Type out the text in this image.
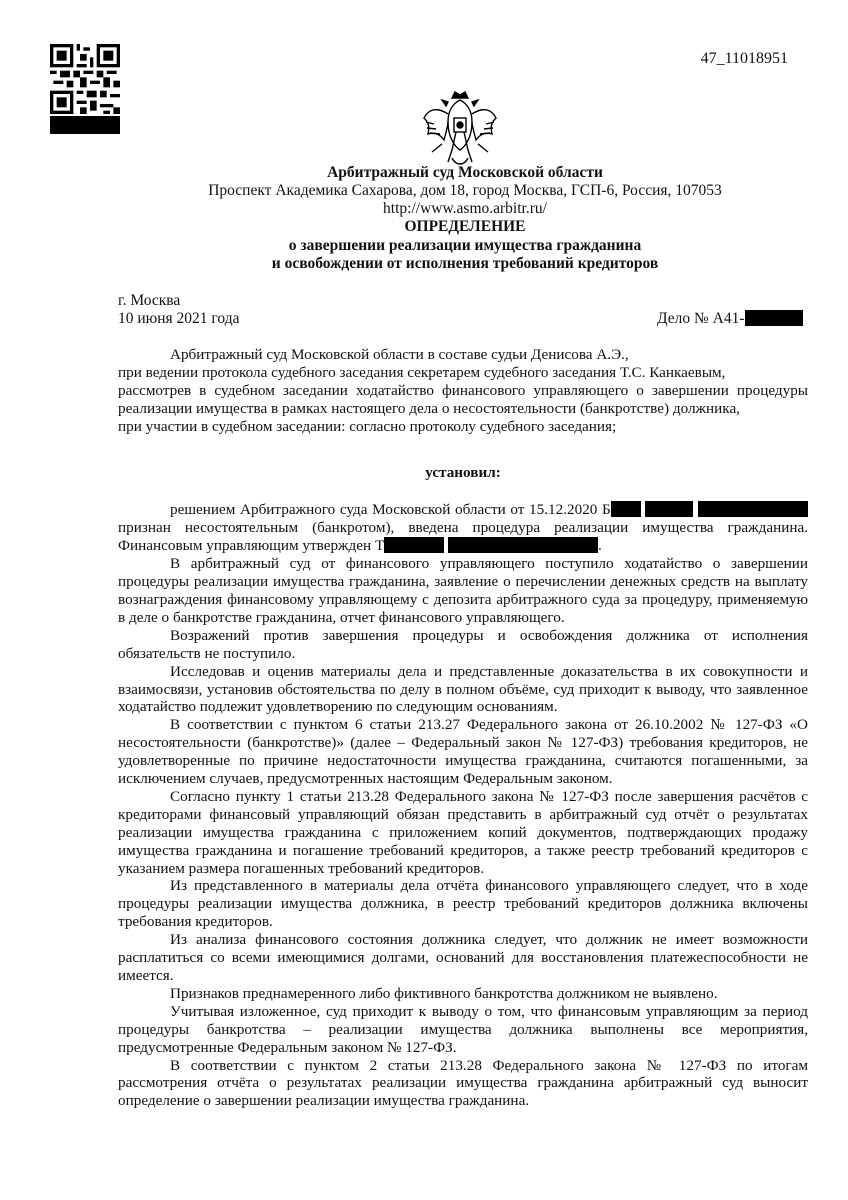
47_11018951
Арбитражный суд Московской области
Проспект Академика Сахарова, дом 18, город Москва, ГСП-6, Россия, 107053
http://www.asmo.arbitr.ru/
ОПРЕДЕЛЕНИЕ
о завершении реализации имущества гражданина
и освобождении от исполнения требований кредиторов
г. Москва
10 июня 2021 года	Дело № А41-

Арбитражный суд Московской области в составе судьи Денисова А.Э.,

при ведении протокола судебного заседания секретарем судебного заседания Т.С. Канкаевым,

рассмотрев в судебном заседании ходатайство финансового управляющего о завершении процедуры реализации имущества в рамках настоящего дела о несостоятельности (банкротстве) должника,

при участии в судебном заседании: согласно протоколу судебного заседания;

установил:

решением Арбитражного суда Московской области от 15.12.2020 Б   признан несостоятельным (банкротом), введена процедура реализации имущества гражданина. Финансовым управляющим утвержден Т	.

В арбитражный суд от финансового управляющего поступило ходатайство о завершении процедуры реализации имущества гражданина, заявление о перечислении денежных средств на выплату вознаграждения финансовому управляющему с депозита арбитражного суда за процедуру, применяемую в деле о банкротстве гражданина, отчет финансового управляющего.

Возражений против завершения процедуры и освобождения должника от исполнения обязательств не поступило.

Исследовав и оценив материалы дела и представленные доказательства в их совокупности и взаимосвязи, установив обстоятельства по делу в полном объёме, суд приходит к выводу, что заявленное ходатайство подлежит удовлетворению по следующим основаниям.

В соответствии с пунктом 6 статьи 213.27 Федерального закона от 26.10.2002 № 127-ФЗ «О несостоятельности (банкротстве)» (далее – Федеральный закон № 127-ФЗ) требования кредиторов, не удовлетворенные по причине недостаточности имущества гражданина, считаются погашенными, за исключением случаев, предусмотренных настоящим Федеральным законом.

Согласно пункту 1 статьи 213.28 Федерального закона № 127-ФЗ после завершения расчётов с кредиторами финансовый управляющий обязан представить в арбитражный суд отчёт о результатах реализации имущества гражданина с приложением копий документов, подтверждающих продажу имущества гражданина и погашение требований кредиторов, а также реестр требований кредиторов с указанием размера погашенных требований кредиторов.

Из представленного в материалы дела отчёта финансового управляющего следует, что в ходе процедуры реализации имущества должника, в реестр требований кредиторов должника включены требования кредиторов.

Из анализа финансового состояния должника следует, что должник не имеет возможности расплатиться со всеми имеющимися долгами, оснований для восстановления платежеспособности не имеется.

Признаков преднамеренного либо фиктивного банкротства должником не выявлено.

Учитывая изложенное, суд приходит к выводу о том, что финансовым управляющим за период процедуры банкротства – реализации имущества должника выполнены все мероприятия, предусмотренные Федеральным законом № 127-ФЗ.

В соответствии с пунктом 2 статьи 213.28 Федерального закона № 127-ФЗ по итогам рассмотрения отчёта о результатах реализации имущества гражданина арбитражный суд выносит определение о завершении реализации имущества гражданина.
